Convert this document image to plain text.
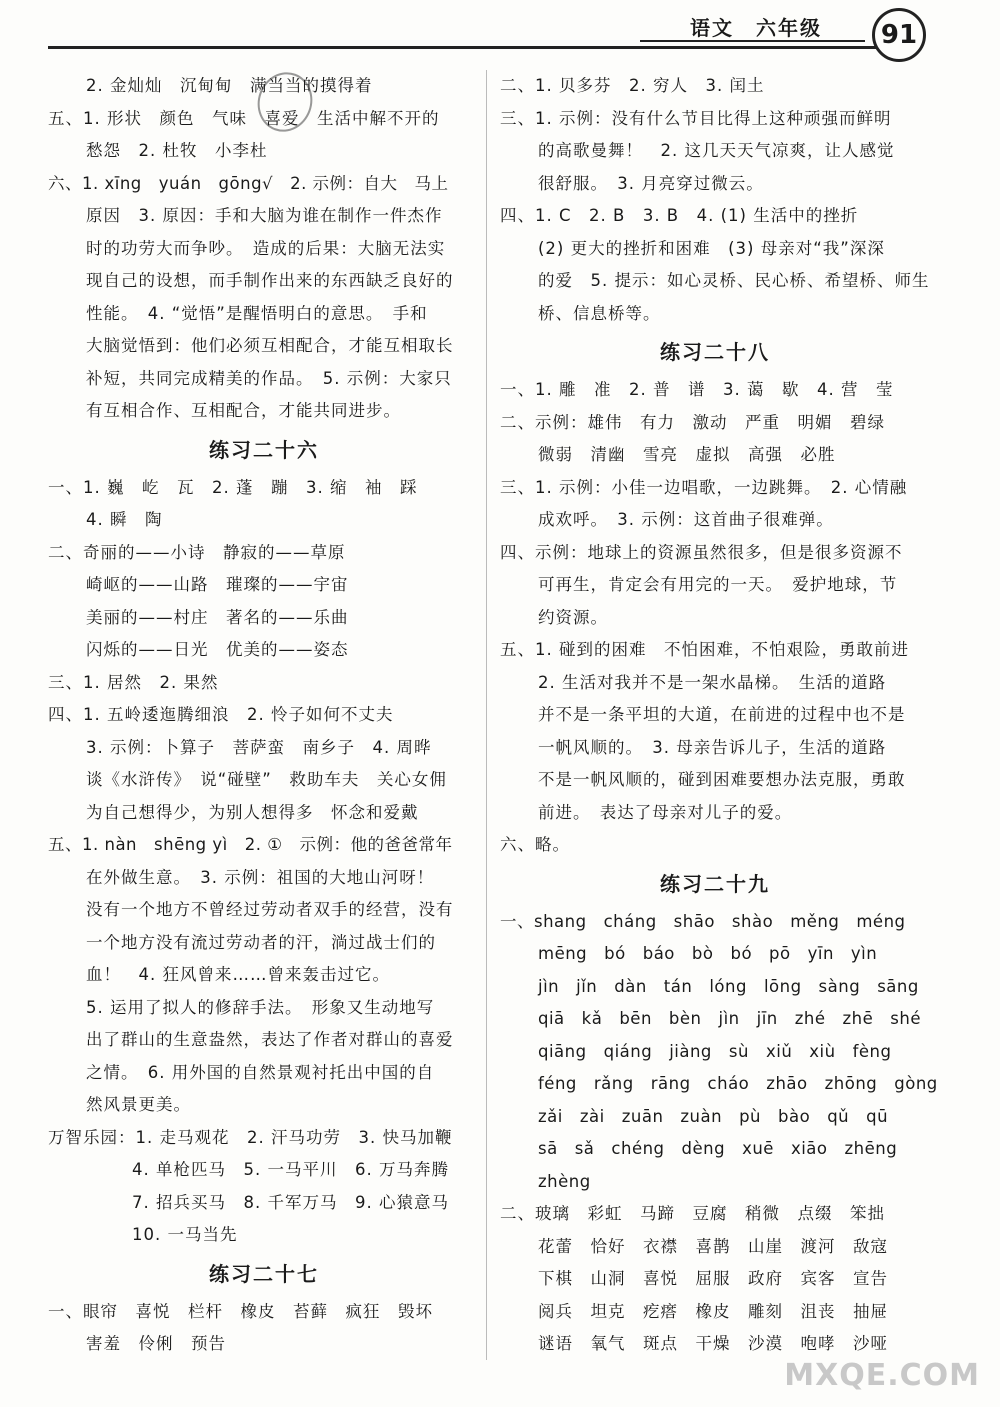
语文　六年级	91
2. 金灿灿　沉甸甸　满当当的摸得着
五、1. 形状　颜色　气味　喜爱　生活中解不开的
愁怨　2. 杜牧　小李杜
六、1. xīng　yuán　gōng√　2. 示例：自大　马上
原因　3. 原因：手和大脑为谁在制作一件杰作
时的功劳大而争吵。　造成的后果：大脑无法实
现自己的设想，而手制作出来的东西缺乏良好的
性能。　4. “觉悟”是醒悟明白的意思。　手和
大脑觉悟到：他们必须互相配合，才能互相取长
补短，共同完成精美的作品。　5. 示例：大家只
有互相合作、互相配合，才能共同进步。
练习二十六
一、1. 巍　屹　瓦　2. 蓬　蹦　3. 缩　袖　踩
4. 瞬　陶
二、奇丽的——小诗　静寂的——草原
崎岖的——山路　璀璨的——宇宙
美丽的——村庄　著名的——乐曲
闪烁的——日光　优美的——姿态
三、1. 居然　2. 果然
四、1. 五岭逶迤腾细浪　2. 怜子如何不丈夫
3. 示例：卜算子　菩萨蛮　南乡子　4. 周晔
谈《水浒传》　说“碰壁”　救助车夫　关心女佣
为自己想得少，为别人想得多　怀念和爱戴
五、1. nàn　shēng yì　2. ①　示例：他的爸爸常年
在外做生意。　3. 示例：祖国的大地山河呀！
没有一个地方不曾经过劳动者双手的经营，没有
一个地方没有流过劳动者的汗，淌过战士们的
血！　4. 狂风曾来……曾来轰击过它。
5. 运用了拟人的修辞手法。　形象又生动地写
出了群山的生意盎然，表达了作者对群山的喜爱
之情。　6. 用外国的自然景观衬托出中国的自
然风景更美。
万智乐园：1. 走马观花　2. 汗马功劳　3. 快马加鞭
4. 单枪匹马　5. 一马平川　6. 万马奔腾
7. 招兵买马　8. 千军万马　9. 心猿意马
10. 一马当先
练习二十七
一、眼帘　喜悦　栏杆　橡皮　苔藓　疯狂　毁坏
害羞　伶俐　预告
二、1. 贝多芬　2. 穷人　3. 闰土
三、1. 示例：没有什么节目比得上这种顽强而鲜明
的高歌曼舞！　2. 这几天天气凉爽，让人感觉
很舒服。　3. 月亮穿过微云。
四、1. C　2. B　3. B　4. (1) 生活中的挫折
(2) 更大的挫折和困难　(3) 母亲对“我”深深
的爱　5. 提示：如心灵桥、民心桥、希望桥、师生
桥、信息桥等。
练习二十八
一、1. 雕　准　2. 普　谱　3. 蔼　歇　4. 营　莹
二、示例：雄伟　有力　激动　严重　明媚　碧绿
微弱　清幽　雪亮　虚拟　高强　必胜
三、1. 示例：小佳一边唱歌，一边跳舞。　2. 心情融
成欢呼。　3. 示例：这首曲子很难弹。
四、示例：地球上的资源虽然很多，但是很多资源不
可再生，肯定会有用完的一天。　爱护地球，节
约资源。
五、1. 碰到的困难　不怕困难，不怕艰险，勇敢前进
2. 生活对我并不是一架水晶梯。　生活的道路
并不是一条平坦的大道，在前进的过程中也不是
一帆风顺的。　3. 母亲告诉儿子，生活的道路
不是一帆风顺的，碰到困难要想办法克服，勇敢
前进。　表达了母亲对儿子的爱。
六、略。
练习二十九
一、shang　cháng　shāo　shào　měng　méng
mēng　bó　báo　bò　bó　pō　yīn　yìn
jìn　jǐn　dàn　tán　lóng　lōng　sàng　sāng
qiā　kǎ　bēn　bèn　jìn　jīn　zhé　zhē　shé
qiāng　qiáng　jiàng　sù　xiǔ　xiù　fèng
féng　rǎng　rāng　cháo　zhāo　zhōng　gòng
zǎi　zài　zuān　zuàn　pù　bào　qǔ　qū
sā　sǎ　chéng　dèng　xuē　xiāo　zhēng
zhèng
二、玻璃　彩虹　马蹄　豆腐　稍微　点缀　笨拙
花蕾　恰好　衣襟　喜鹊　山崖　渡河　敌寇
下棋　山洞　喜悦　屈服　政府　宾客　宣告
阅兵　坦克　疙瘩　橡皮　雕刻　沮丧　抽屉
谜语　氧气　斑点　干燥　沙漠　咆哮　沙哑
MXQE.COM
